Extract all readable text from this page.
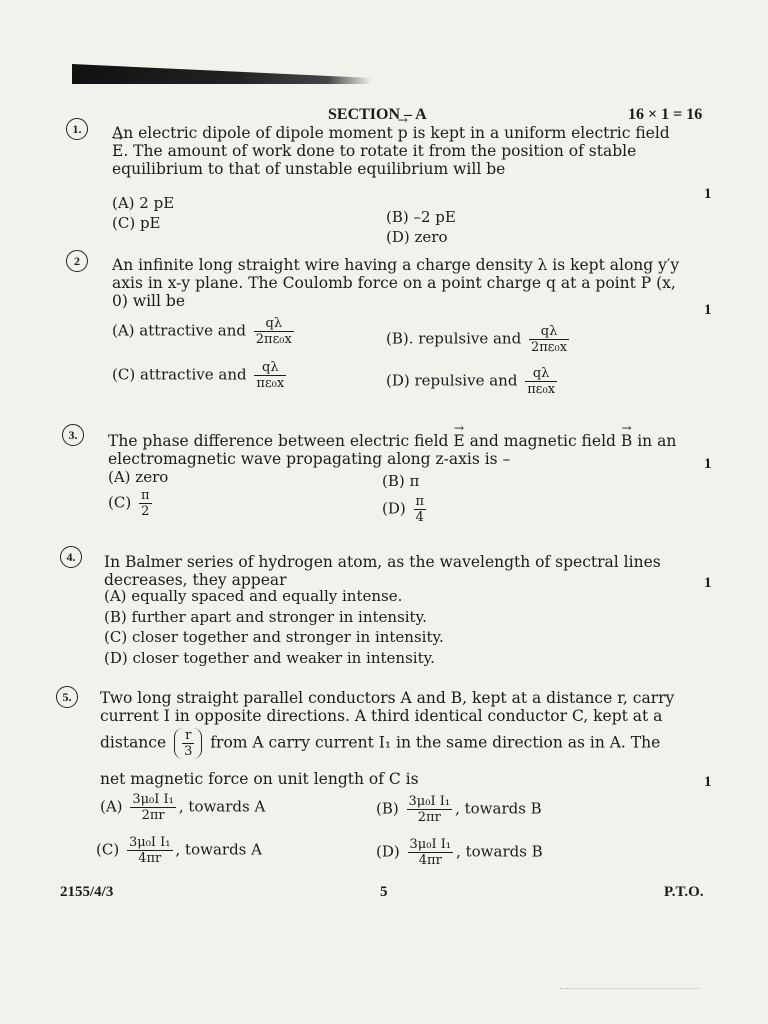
SECTION – A	16 × 1 = 16
1.	An electric dipole of dipole moment → p is kept in a uniform electric field → E. The amount of work done to rotate it from the position of stable equilibrium to that of unstable equilibrium will be
1
(A) 2 pE
(C) pE	(B) –2 pE
(D) zero
2	An infinite long straight wire having a charge density λ is kept along y′y axis in x-y plane. The Coulomb force on a point charge q at a point P (x, 0) will be	1
(A) attractive and $\frac{q\lambda}{\text{2πε₀x}}$	(B). repulsive and $\frac{q\lambda}{\text{2πε₀x}}$
(C) attractive and $\frac{q\lambda}{\text{πε₀x}}$	(D) repulsive and $\frac{q\lambda}{\text{πε₀x}}$
3.	The phase difference between electric field → E and magnetic field → B in an electromagnetic wave propagating along z-axis is –	1
(A) zero	(B) π
$(C) \frac{\pi}{2}$	$(D) \frac{\pi}{4}$
4.	In Balmer series of hydrogen atom, as the wavelength of spectral lines decreases, they appear	1
(A) equally spaced and equally intense.
(B) further apart and stronger in intensity.
(C) closer together and stronger in intensity.
(D) closer together and weaker in intensity.
5.	Two long straight parallel conductors A and B, kept at a distance r, carry current I in opposite directions. A third identical conductor C, kept at a
distance $\frac{r}{3}$ from A carry current I₁ in the same direction as in A. The
net magnetic force on unit length of C is	1
$(A) \frac{\text{3μ₀I I₁}}{2\pi r}$ , towards A	$(B) \frac{\text{3μ₀I I₁}}{2\pi r}$ , towards B
$(C) \frac{\text{3μ₀I I₁}}{4\pi r}$ , towards A	$(D) \frac{\text{3μ₀I I₁}}{4\pi r}$ , towards B
2155/4/3	5	P.T.O.
